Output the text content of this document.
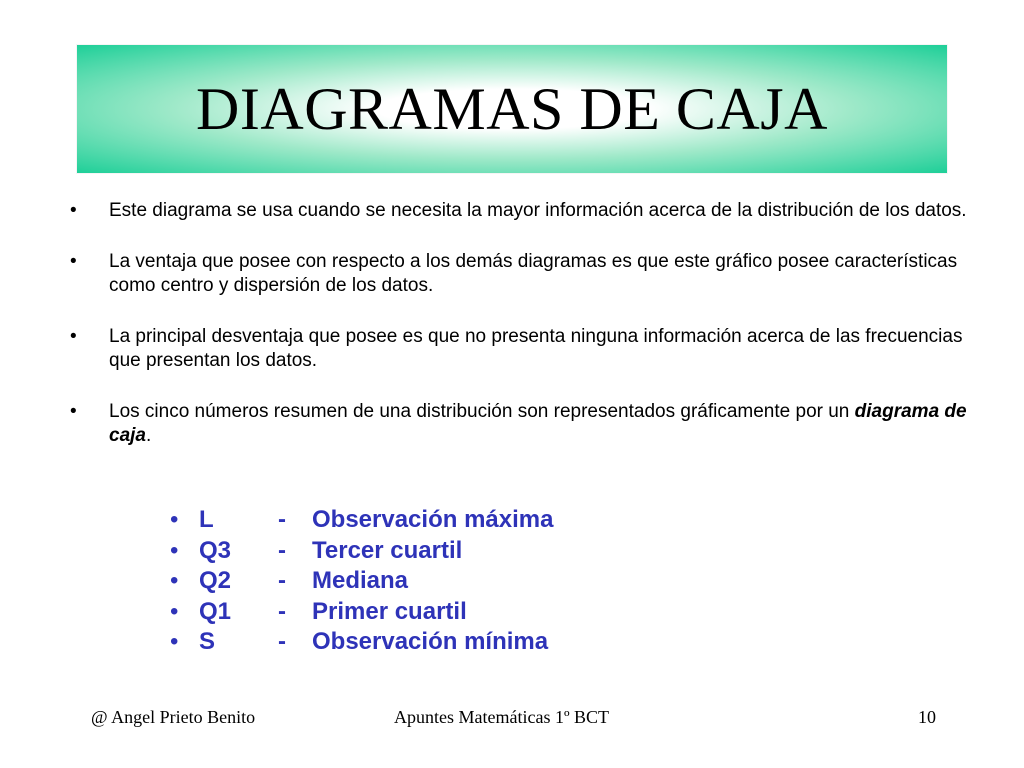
DIAGRAMAS DE CAJA
• Este diagrama se usa cuando se necesita la mayor información acerca de la distribución de los datos.
• La ventaja que posee con respecto a los demás diagramas es que este gráfico posee características como centro y dispersión de los datos.
• La principal desventaja que posee es que no presenta ninguna información acerca de las frecuencias que presentan los datos.
• Los cinco números resumen de una distribución son representados gráficamente por un diagrama de caja.
• L	- Observación máxima
• Q3 - Tercer cuartil
• Q2 - Mediana
• Q1 - Primer cuartil
• S	- Observación mínima
@ Angel Prieto Benito	Apuntes Matemáticas 1º BCT	10
